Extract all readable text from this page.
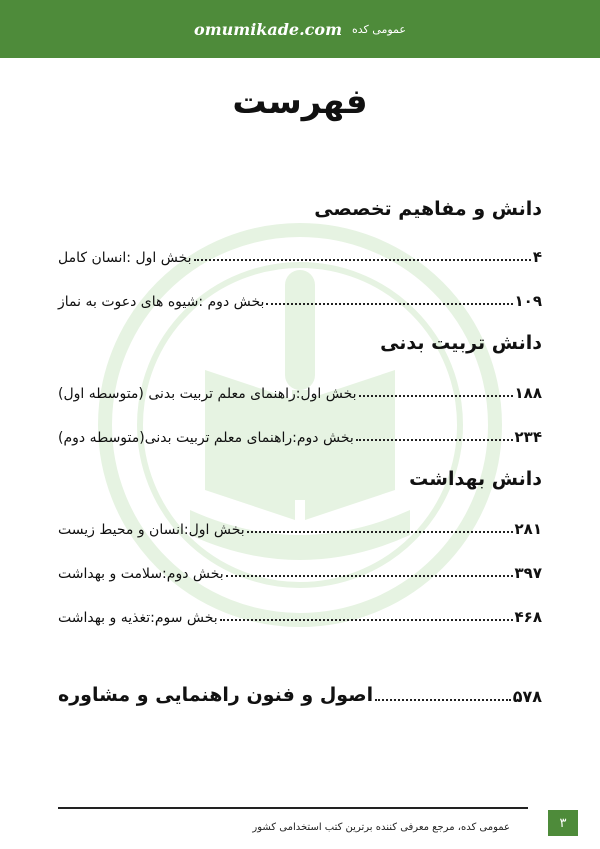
omumikade.com عمومی کده
فهرست
دانش و مفاهیم تخصصی
بخش اول :انسان کامل	۴
بخش دوم :شیوه های دعوت به نماز	۱۰۹
دانش تربیت بدنی
بخش اول:راهنمای معلم تربیت بدنی (متوسطه اول)	۱۸۸
بخش دوم:راهنمای معلم تربیت بدنی(متوسطه دوم)	۲۳۴
دانش بهداشت
بخش اول:انسان و محیط زیست	۲۸۱
بخش دوم:سلامت و بهداشت	۳۹۷
بخش سوم:تغذیه و بهداشت	۴۶۸
اصول و فنون راهنمایی و مشاوره	۵۷۸
عمومی کده، مرجع معرفی کننده برترین کتب استخدامی کشور	۳
